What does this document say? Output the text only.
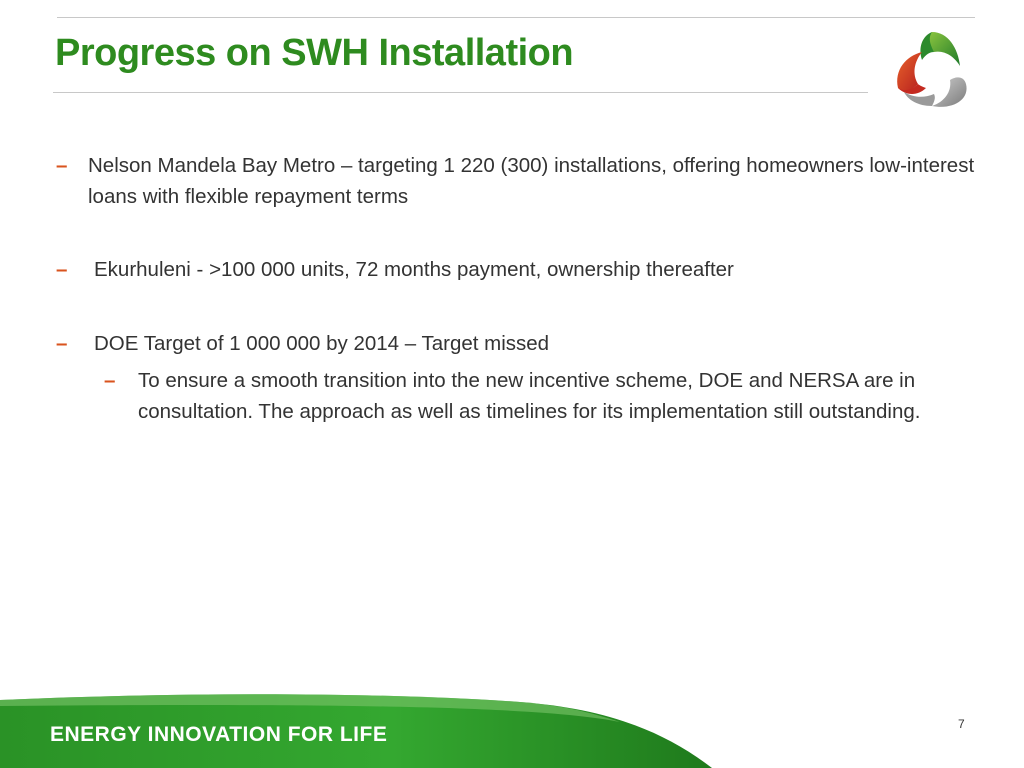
Progress on SWH Installation
– Nelson Mandela Bay Metro – targeting 1 220 (300) installations, offering homeowners low-interest loans with flexible repayment terms
– Ekurhuleni - >100 000 units, 72 months payment, ownership thereafter
– DOE Target of 1 000 000 by 2014 – Target missed
– To ensure a smooth transition into the new incentive scheme, DOE and NERSA are in consultation. The approach as well as timelines for its implementation still outstanding.
ENERGY INNOVATION FOR LIFE	7
